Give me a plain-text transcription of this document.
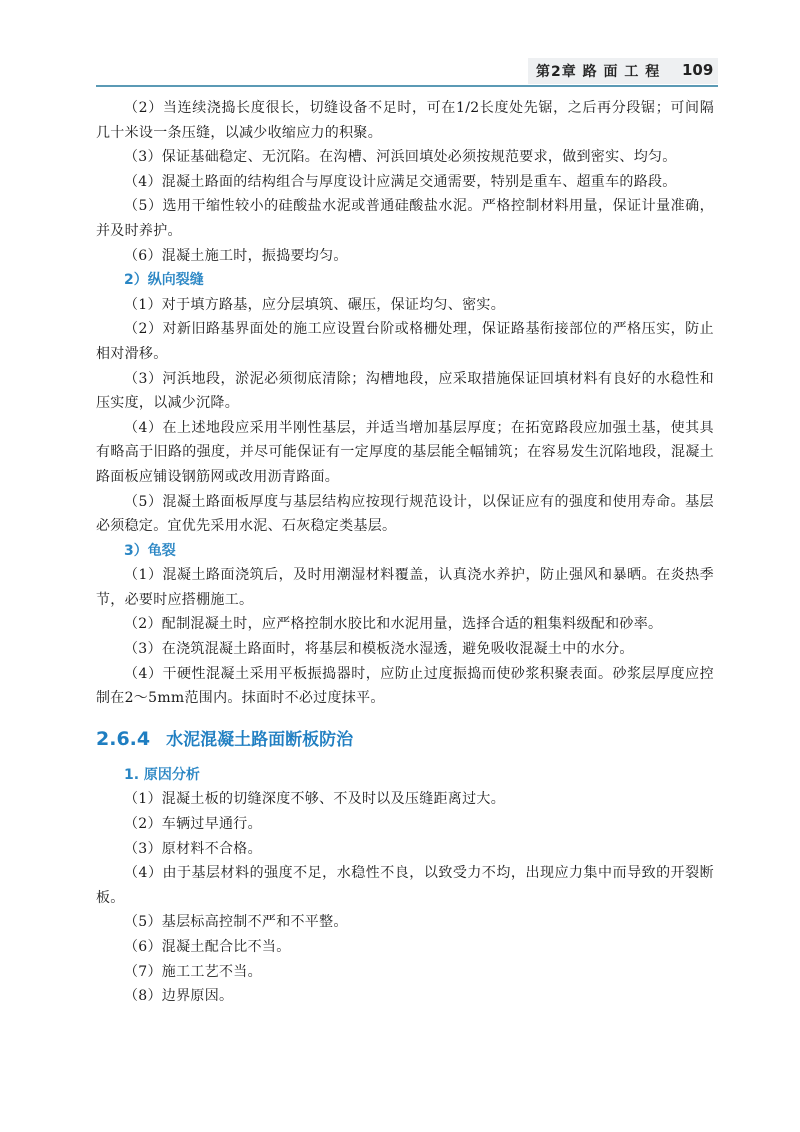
第2章 路 面 工 程 109

（2）当连续浇捣长度很长，切缝设备不足时，可在1/2长度处先锯，之后再分段锯；可间隔几十米设一条压缝，以减少收缩应力的积聚。

（3）保证基础稳定、无沉陷。在沟槽、河浜回填处必须按规范要求，做到密实、均匀。

（4）混凝土路面的结构组合与厚度设计应满足交通需要，特别是重车、超重车的路段。

（5）选用干缩性较小的硅酸盐水泥或普通硅酸盐水泥。严格控制材料用量，保证计量准确，并及时养护。

（6）混凝土施工时，振捣要均匀。

2）纵向裂缝

（1）对于填方路基，应分层填筑、碾压，保证均匀、密实。

（2）对新旧路基界面处的施工应设置台阶或格栅处理，保证路基衔接部位的严格压实，防止相对滑移。

（3）河浜地段，淤泥必须彻底清除；沟槽地段，应采取措施保证回填材料有良好的水稳性和压实度，以减少沉降。

（4）在上述地段应采用半刚性基层，并适当增加基层厚度；在拓宽路段应加强土基，使其具有略高于旧路的强度，并尽可能保证有一定厚度的基层能全幅铺筑；在容易发生沉陷地段，混凝土路面板应铺设钢筋网或改用沥青路面。

（5）混凝土路面板厚度与基层结构应按现行规范设计，以保证应有的强度和使用寿命。基层必须稳定。宜优先采用水泥、石灰稳定类基层。

3）龟裂

（1）混凝土路面浇筑后，及时用潮湿材料覆盖，认真浇水养护，防止强风和暴晒。在炎热季节，必要时应搭棚施工。

（2）配制混凝土时，应严格控制水胶比和水泥用量，选择合适的粗集料级配和砂率。

（3）在浇筑混凝土路面时，将基层和模板浇水湿透，避免吸收混凝土中的水分。

（4）干硬性混凝土采用平板振捣器时，应防止过度振捣而使砂浆积聚表面。砂浆层厚度应控制在2～5mm范围内。抹面时不必过度抹平。

2.6.4 水泥混凝土路面断板防治

1. 原因分析

（1）混凝土板的切缝深度不够、不及时以及压缝距离过大。

（2）车辆过早通行。

（3）原材料不合格。

（4）由于基层材料的强度不足，水稳性不良，以致受力不均，出现应力集中而导致的开裂断板。

（5）基层标高控制不严和不平整。

（6）混凝土配合比不当。

（7）施工工艺不当。

（8）边界原因。
